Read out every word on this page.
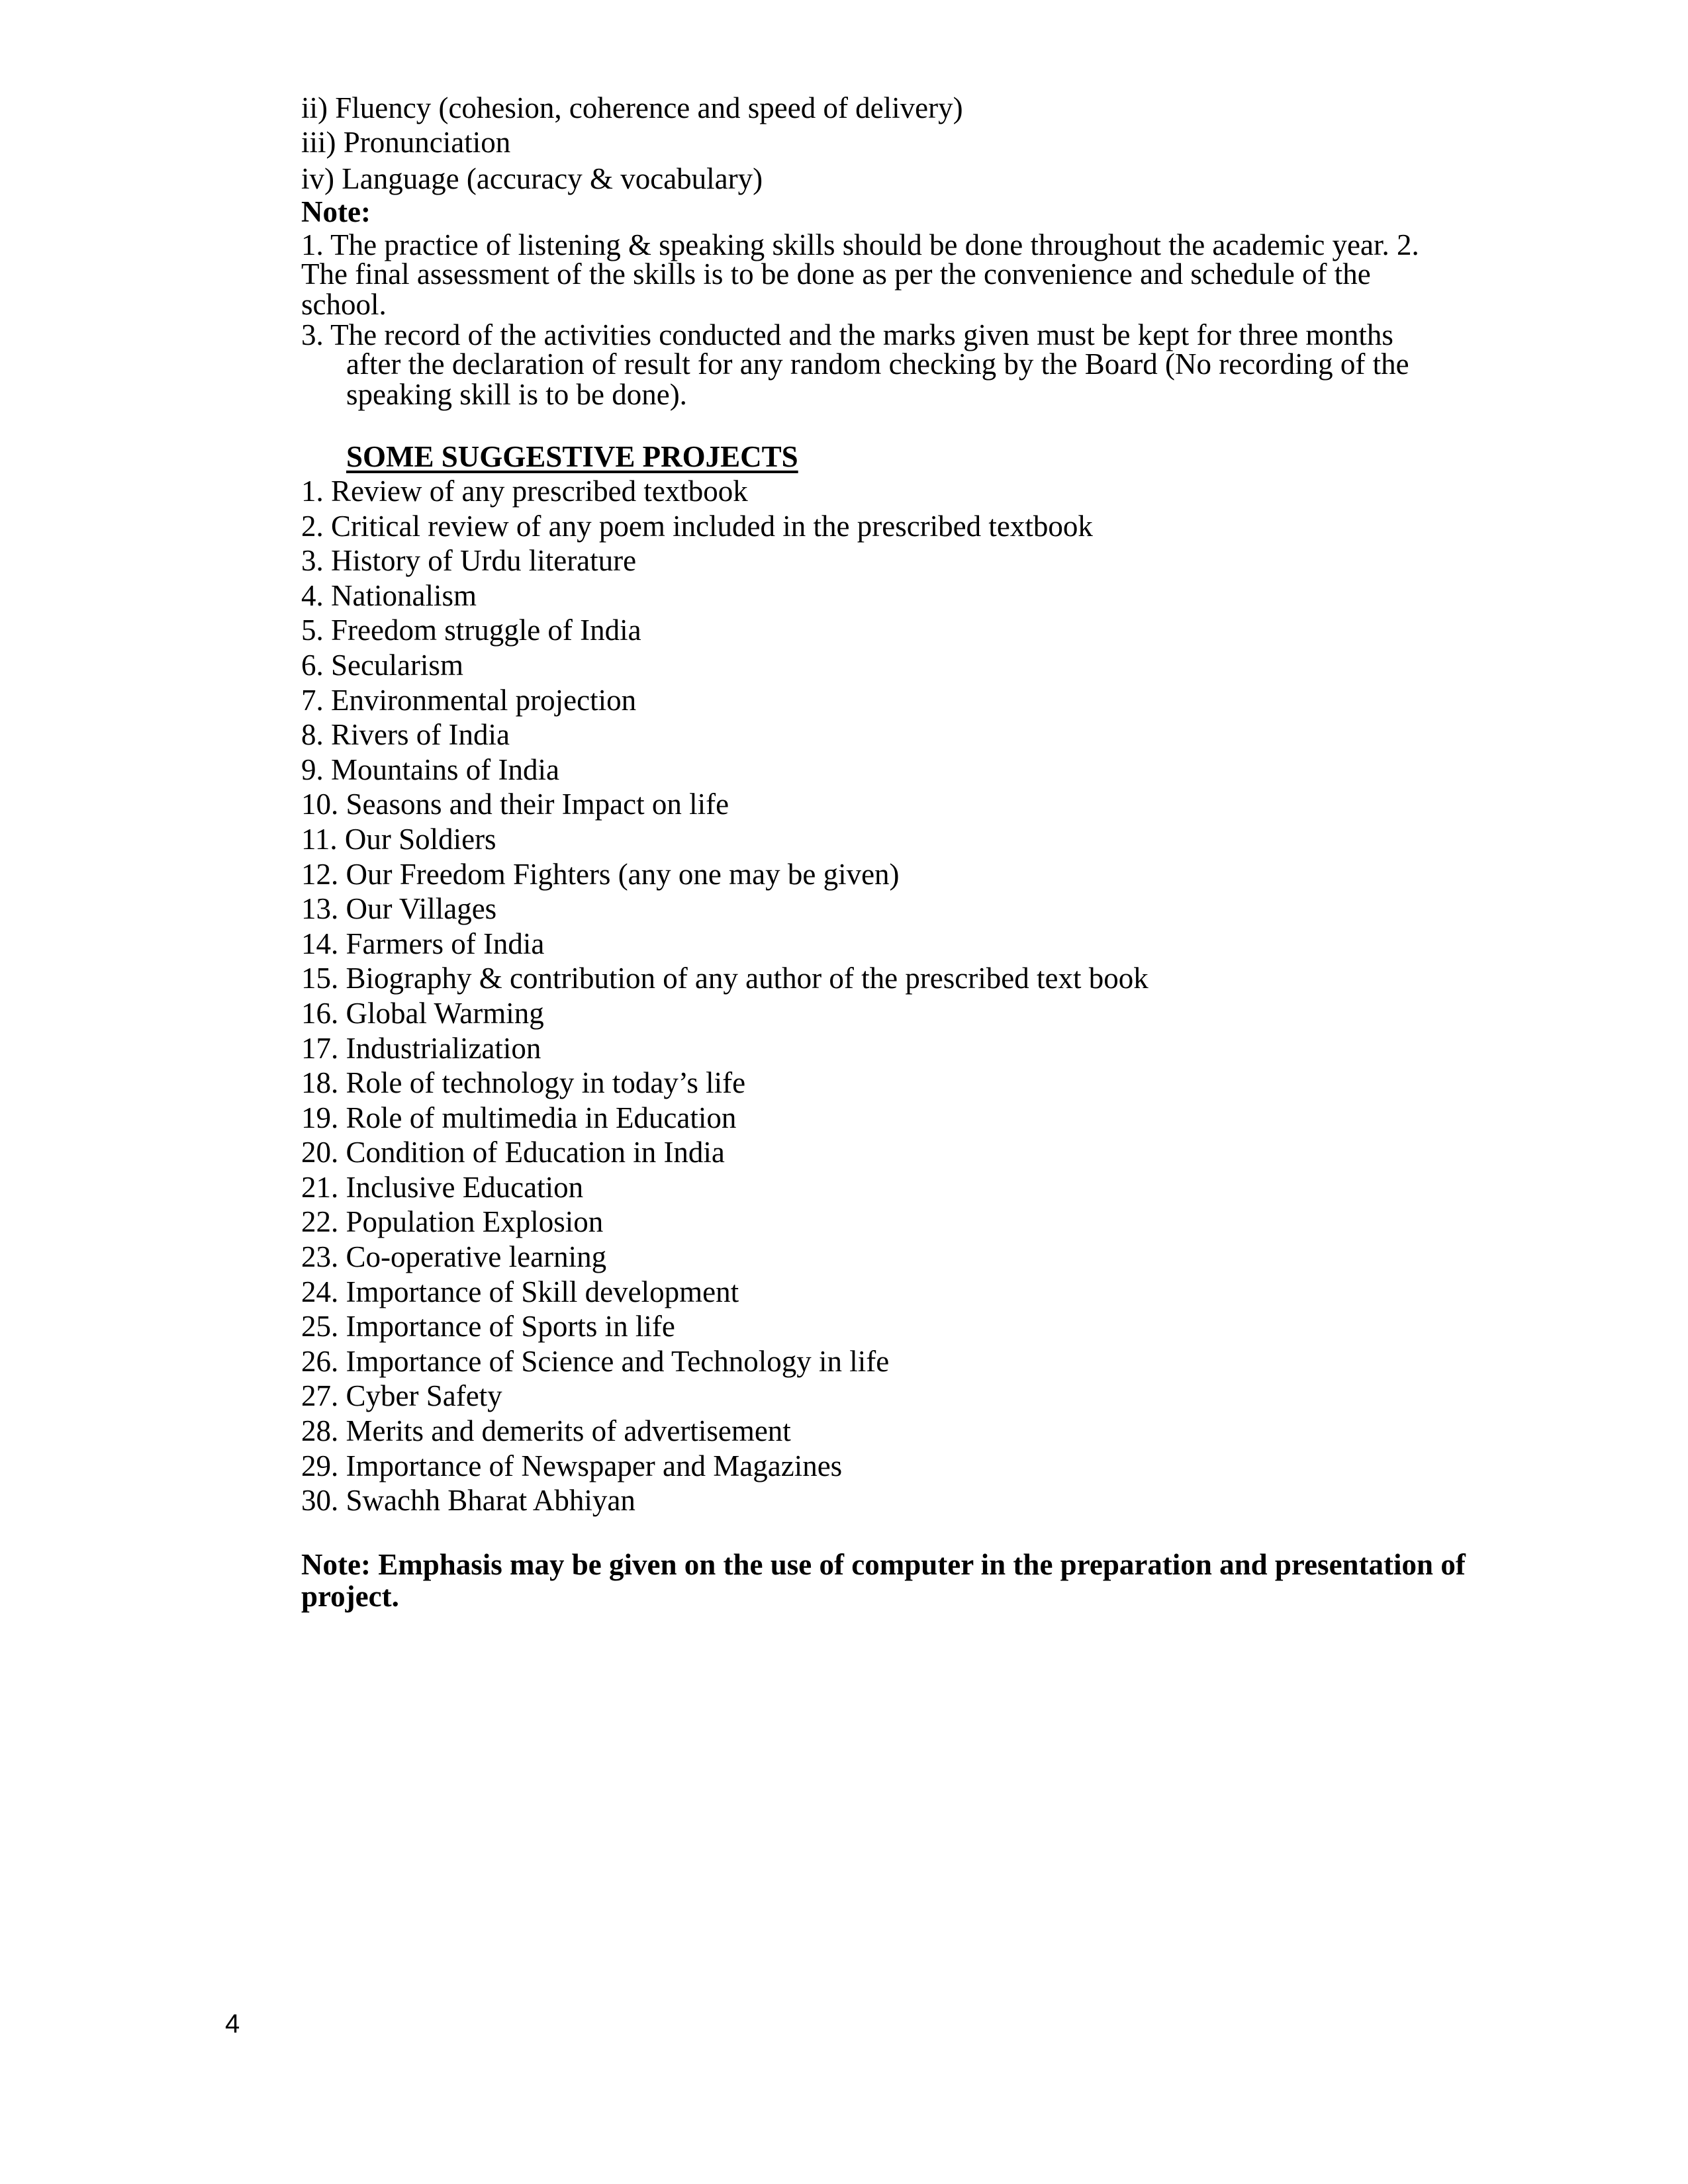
ii) Fluency (cohesion, coherence and speed of delivery)
iii) Pronunciation
iv) Language (accuracy & vocabulary)
Note:
1. The practice of listening & speaking skills should be done throughout the academic year. 2.
The final assessment of the skills is to be done as per the convenience and schedule of the
school.
3. The record of the activities conducted and the marks given must be kept for three months
after the declaration of result for any random checking by the Board (No recording of the
speaking skill is to be done).
SOME SUGGESTIVE PROJECTS
1. Review of any prescribed textbook
2. Critical review of any poem included in the prescribed textbook
3. History of Urdu literature
4. Nationalism
5. Freedom struggle of India
6. Secularism
7. Environmental projection
8. Rivers of India
9. Mountains of India
10. Seasons and their Impact on life
11. Our Soldiers
12. Our Freedom Fighters (any one may be given)
13. Our Villages
14. Farmers of India
15. Biography & contribution of any author of the prescribed text book
16. Global Warming
17. Industrialization
18. Role of technology in today’s life
19. Role of multimedia in Education
20. Condition of Education in India
21. Inclusive Education
22. Population Explosion
23. Co-operative learning
24. Importance of Skill development
25. Importance of Sports in life
26. Importance of Science and Technology in life
27. Cyber Safety
28. Merits and demerits of advertisement
29. Importance of Newspaper and Magazines
30. Swachh Bharat Abhiyan
Note: Emphasis may be given on the use of computer in the preparation and presentation of
project.
4
